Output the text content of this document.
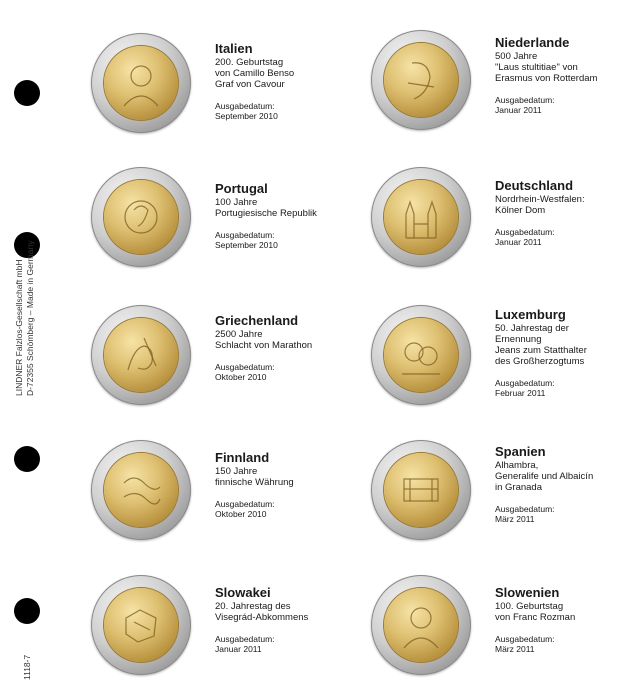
LINDNER Falzlos-Gesellschaft mbH D-72355 Schömberg – Made in Germany
1118-7
Italien
200. Geburtstag
von Camillo Benso
Graf von Cavour
Ausgabedatum:
September 2010
Niederlande
500 Jahre
"Laus stultitiae" von
Erasmus von Rotterdam
Ausgabedatum:
Januar 2011
Portugal
100 Jahre
Portugiesische Republik
Ausgabedatum:
September 2010
Deutschland
Nordrhein-Westfalen:
Kölner Dom
Ausgabedatum:
Januar 2011
Griechenland
2500 Jahre
Schlacht von Marathon
Ausgabedatum:
Oktober 2010
Luxemburg
50. Jahrestag der
Ernennung
Jeans zum Statthalter
des Großherzogtums
Ausgabedatum:
Februar 2011
Finnland
150 Jahre
finnische Währung
Ausgabedatum:
Oktober 2010
Spanien
Alhambra,
Generalife und Albaicín
in Granada
Ausgabedatum:
März 2011
Slowakei
20. Jahrestag des
Visegrád-Abkommens
Ausgabedatum:
Januar 2011
Slowenien
100. Geburtstag
von Franc Rozman
Ausgabedatum:
März 2011
